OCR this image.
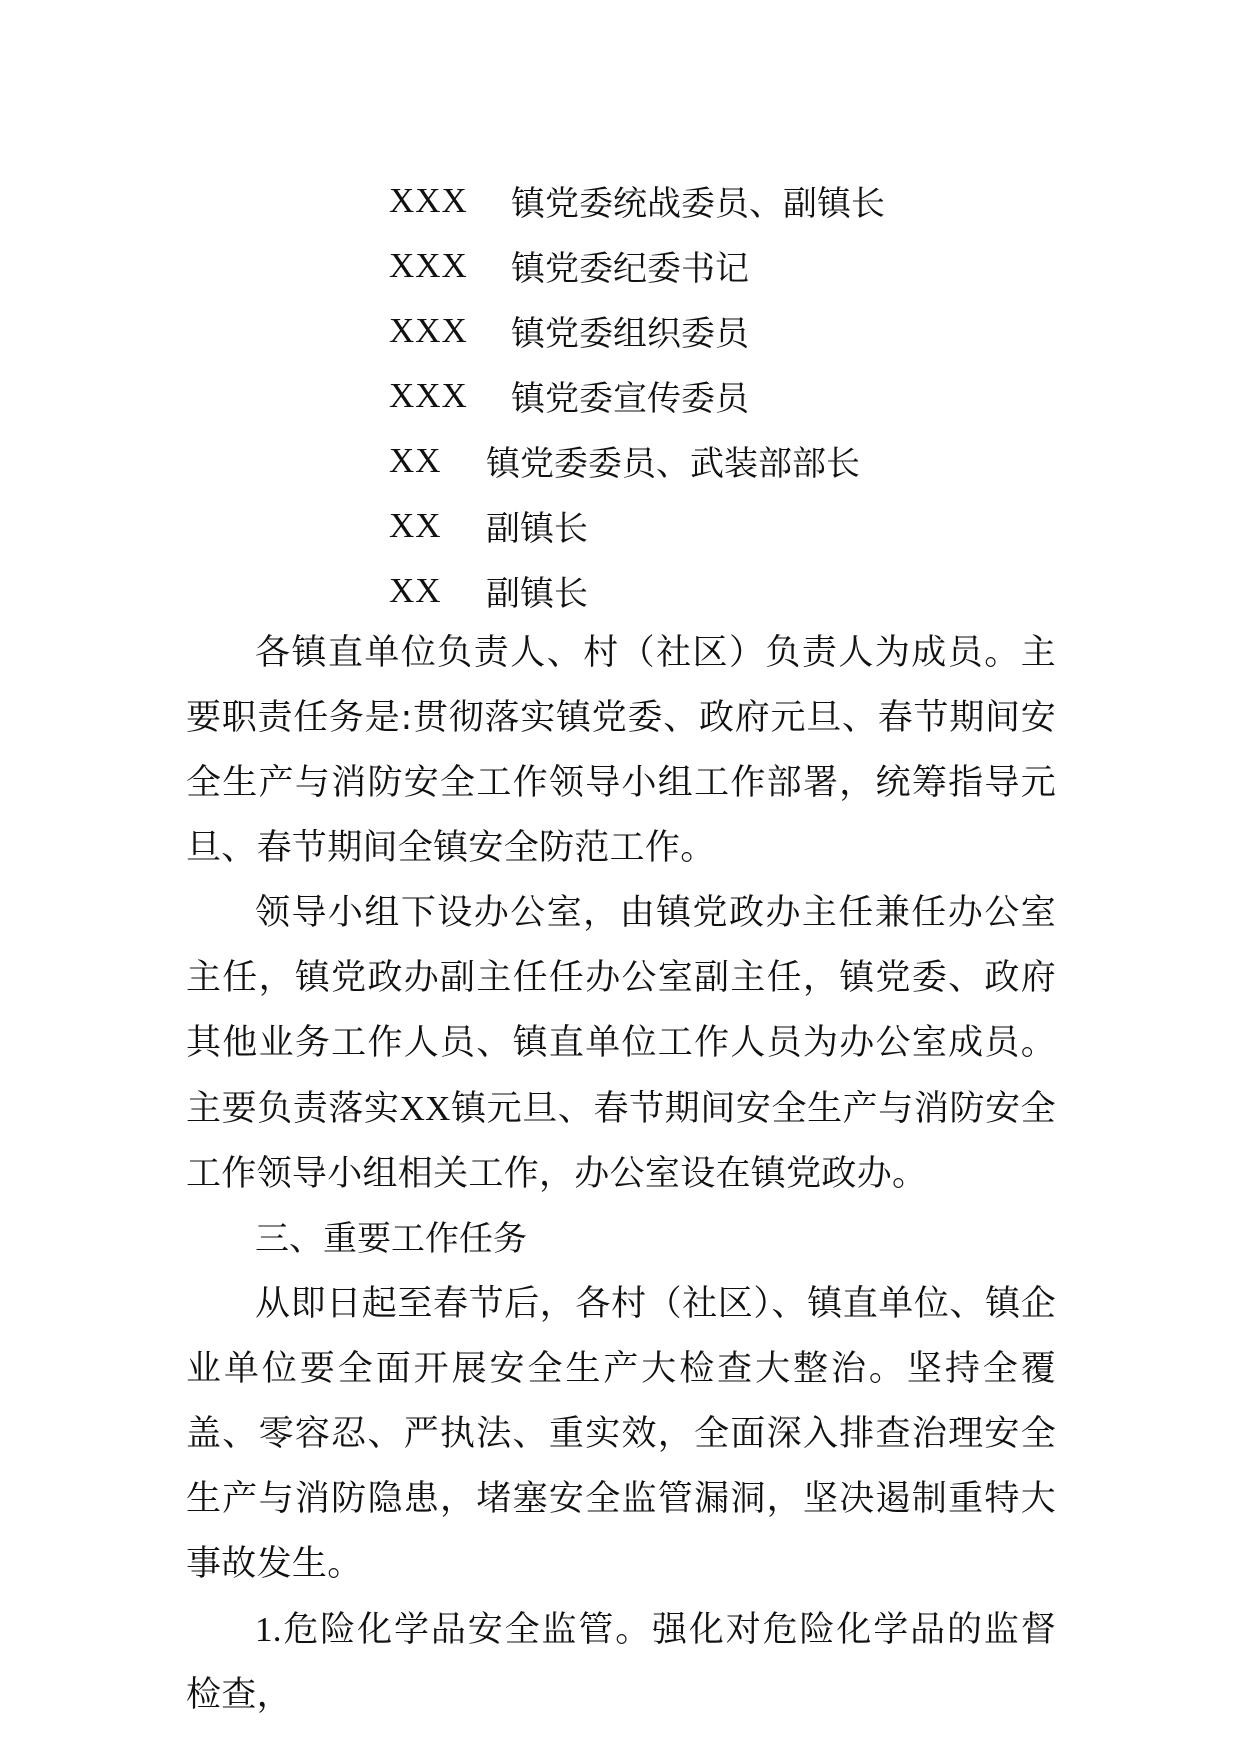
XXX	镇党委统战委员、副镇长
XXX	镇党委纪委书记
XXX	镇党委组织委员
XXX	镇党委宣传委员
XX	镇党委委员、武装部部长
XX	副镇长
XX	副镇长

各镇直单位负责人、村（社区）负责人为成员。主要职责任务是:贯彻落实镇党委、政府元旦、春节期间安全生产与消防安全工作领导小组工作部署，统筹指导元旦、春节期间全镇安全防范工作。

领导小组下设办公室，由镇党政办主任兼任办公室主任，镇党政办副主任任办公室副主任，镇党委、政府其他业务工作人员、镇直单位工作人员为办公室成员。主要负责落实XX镇元旦、春节期间安全生产与消防安全工作领导小组相关工作，办公室设在镇党政办。

三、重要工作任务

从即日起至春节后，各村（社区）、镇直单位、镇企业单位要全面开展安全生产大检查大整治。坚持全覆盖、零容忍、严执法、重实效，全面深入排查治理安全生产与消防隐患，堵塞安全监管漏洞，坚决遏制重特大事故发生。

1.危险化学品安全监管。强化对危险化学品的监督检查，
